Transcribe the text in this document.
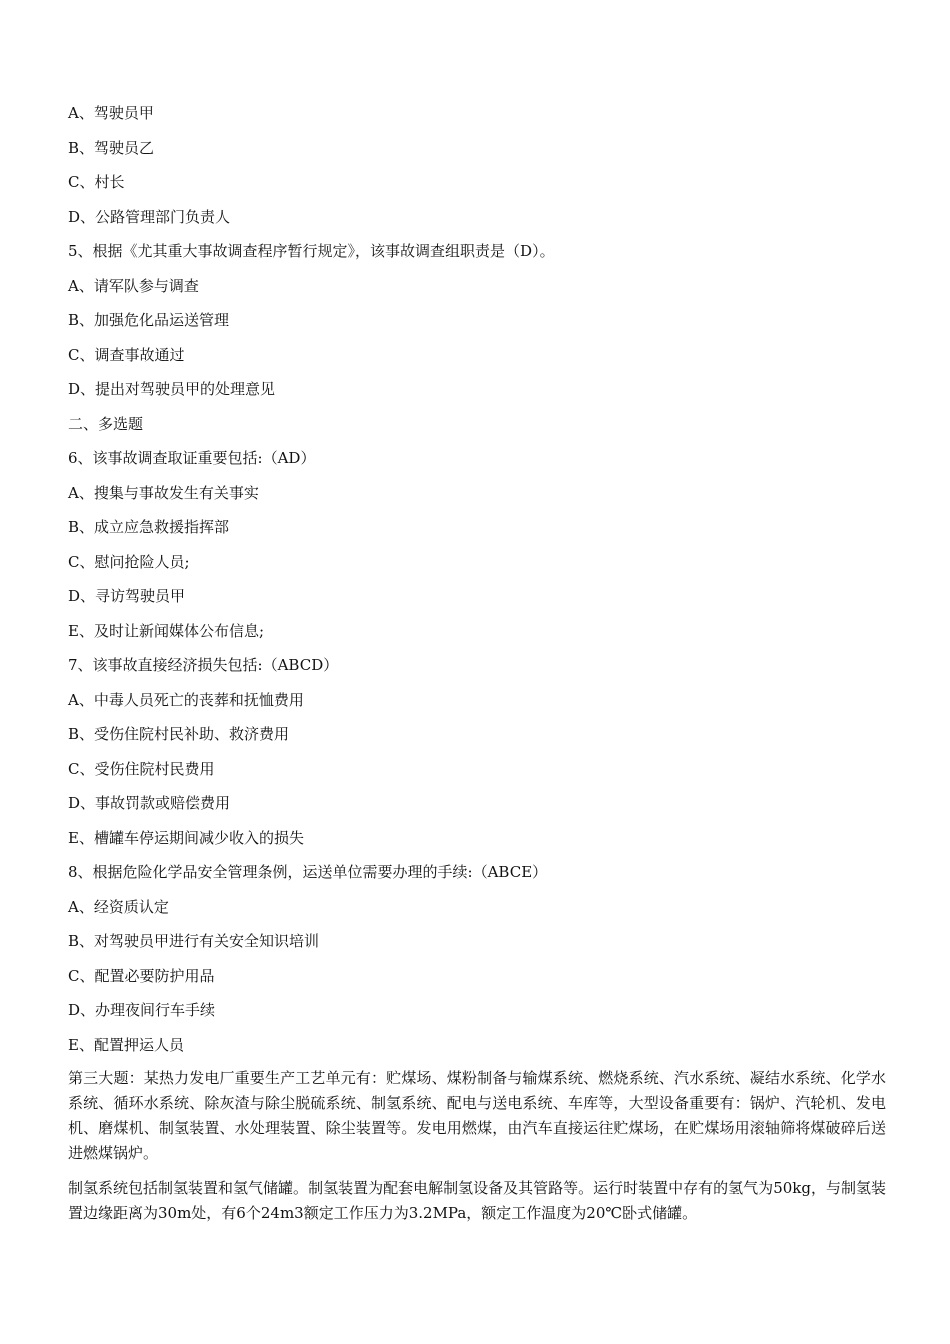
A、驾驶员甲
B、驾驶员乙
C、村长
D、公路管理部门负责人
5、根据《尤其重大事故调查程序暂行规定》，该事故调查组职责是（D）。
A、请军队参与调查
B、加强危化品运送管理
C、调查事故通过
D、提出对驾驶员甲的处理意见
二、多选题
6、该事故调查取证重要包括:（AD）
A、搜集与事故发生有关事实
B、成立应急救援指挥部
C、慰问抢险人员;
D、寻访驾驶员甲
E、及时让新闻媒体公布信息;
7、该事故直接经济损失包括:（ABCD）
A、中毒人员死亡的丧葬和抚恤费用
B、受伤住院村民补助、救济费用
C、受伤住院村民费用
D、事故罚款或赔偿费用
E、槽罐车停运期间减少收入的损失
8、根据危险化学品安全管理条例，运送单位需要办理的手续:（ABCE）
A、经资质认定
B、对驾驶员甲进行有关安全知识培训
C、配置必要防护用品
D、办理夜间行车手续
E、配置押运人员
第三大题：某热力发电厂重要生产工艺单元有：贮煤场、煤粉制备与输煤系统、燃烧系统、汽水系统、凝结水系统、化学水系统、循环水系统、除灰渣与除尘脱硫系统、制氢系统、配电与送电系统、车库等，大型设备重要有：锅炉、汽轮机、发电机、磨煤机、制氢装置、水处理装置、除尘装置等。发电用燃煤，由汽车直接运往贮煤场，在贮煤场用滚轴筛将煤破碎后送进燃煤锅炉。
制氢系统包括制氢装置和氢气储罐。制氢装置为配套电解制氢设备及其管路等。运行时装置中存有的氢气为50kg，与制氢装置边缘距离为30m处，有6个24m3额定工作压力为3.2MPa，额定工作温度为20℃卧式储罐。
